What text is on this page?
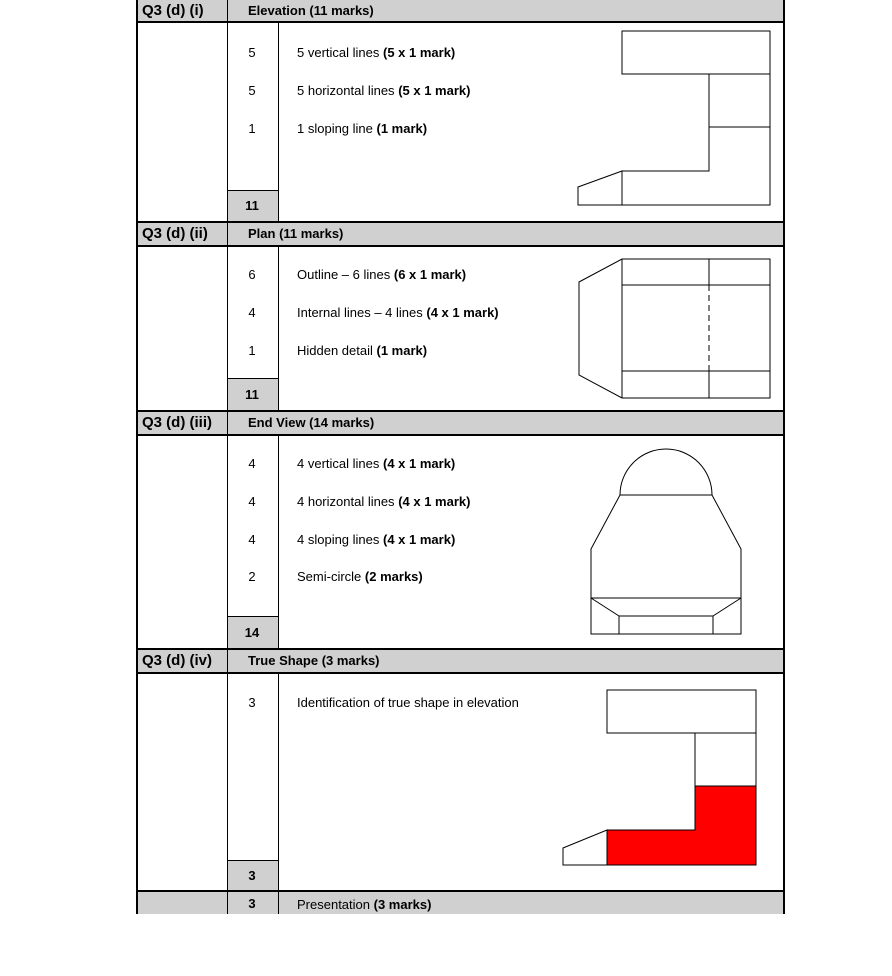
Q3 (d) (i)	Elevation (11 marks)
5	5 vertical lines (5 x 1 mark)
5	5 horizontal lines (5 x 1 mark)
1	1 sloping line (1 mark)
11
Q3 (d) (ii)	Plan (11 marks)
6	Outline – 6 lines (6 x 1 mark)
4	Internal lines – 4 lines (4 x 1 mark)
1	Hidden detail (1 mark)
11
Q3 (d) (iii)	End View (14 marks)
4	4 vertical lines (4 x 1 mark)
4	4 horizontal lines (4 x 1 mark)
4	4 sloping lines (4 x 1 mark)
2	Semi-circle (2 marks)
14
Q3 (d) (iv)	True Shape (3 marks)
3	Identification of true shape in elevation
3
3	Presentation (3 marks)
